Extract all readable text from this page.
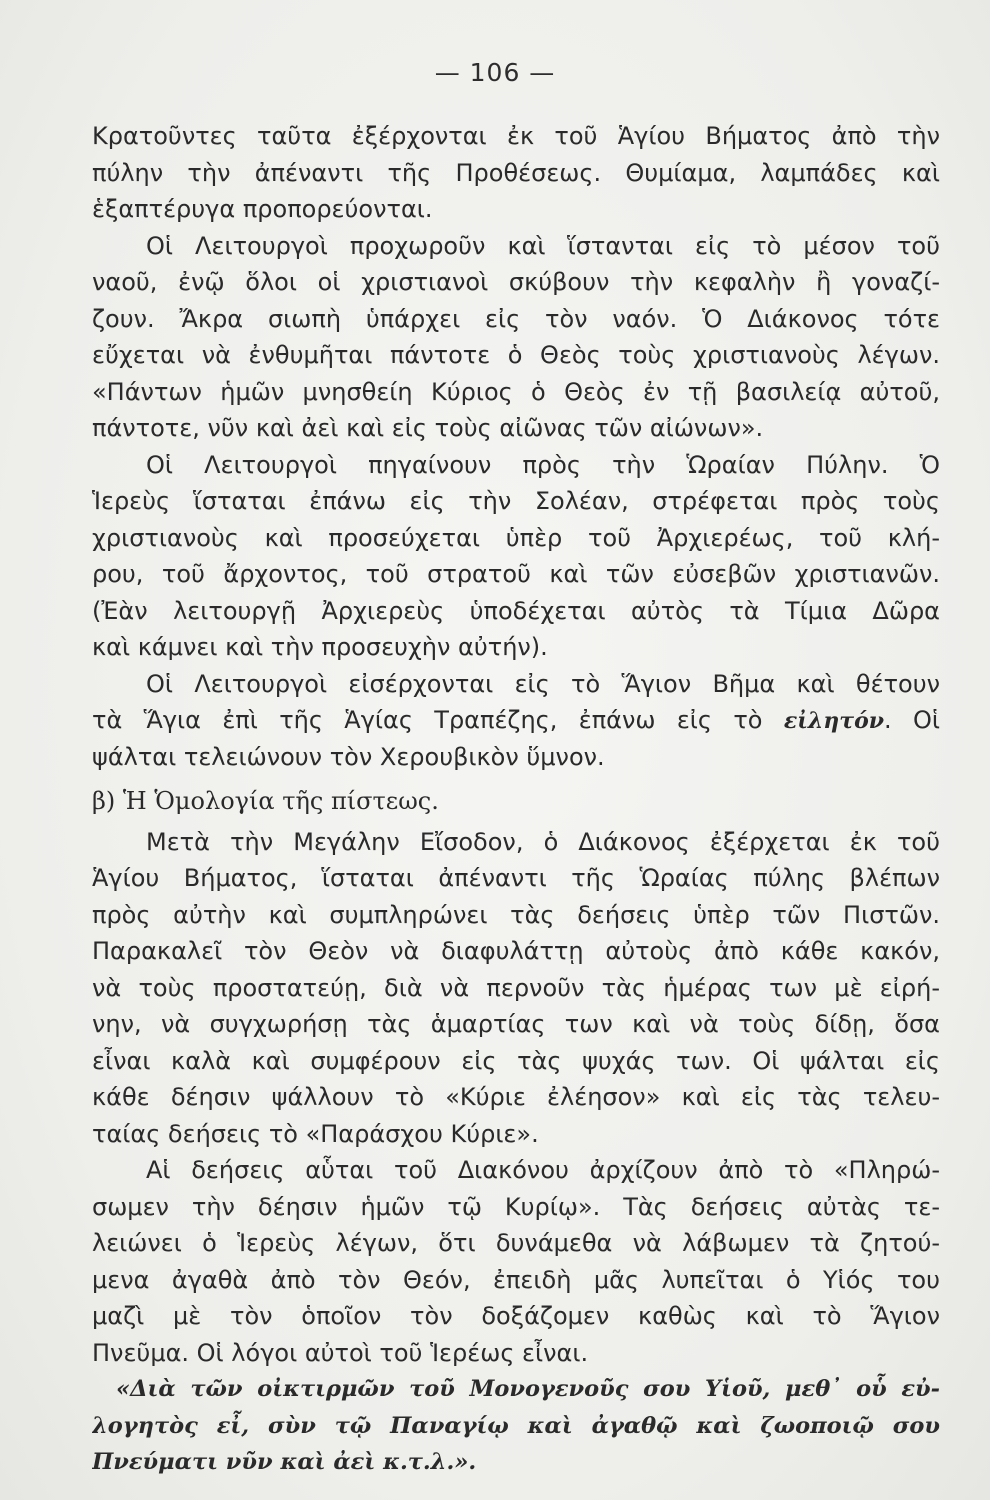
— 106 —
Κρατοῦντες ταῦτα ἐξέρχονται ἐκ τοῦ Ἁγίου Βήματος ἀπὸ τὴν
πύλην τὴν ἀπέναντι τῆς Προθέσεως. Θυμίαμα, λαμπάδες καὶ
ἑξαπτέρυγα προπορεύονται.
Οἱ Λειτουργοὶ προχωροῦν καὶ ἵστανται εἰς τὸ μέσον τοῦ
ναοῦ, ἐνῷ ὅλοι οἱ χριστιανοὶ σκύβουν τὴν κεφαλὴν ἢ γοναζί-
ζουν. Ἄκρα σιωπὴ ὑπάρχει εἰς τὸν ναόν. Ὁ Διάκονος τότε
εὔχεται νὰ ἐνθυμῆται πάντοτε ὁ Θεὸς τοὺς χριστιανοὺς λέγων.
«Πάντων ἡμῶν μνησθείη Κύριος ὁ Θεὸς ἐν τῇ βασιλείᾳ αὐτοῦ,
πάντοτε, νῦν καὶ ἀεὶ καὶ εἰς τοὺς αἰῶνας τῶν αἰώνων».
Οἱ Λειτουργοὶ πηγαίνουν πρὸς τὴν Ὡραίαν Πύλην. Ὁ
Ἱερεὺς ἵσταται ἐπάνω εἰς τὴν Σολέαν, στρέφεται πρὸς τοὺς
χριστιανοὺς καὶ προσεύχεται ὑπὲρ τοῦ Ἀρχιερέως, τοῦ κλή-
ρου, τοῦ ἄρχοντος, τοῦ στρατοῦ καὶ τῶν εὐσεβῶν χριστιανῶν.
(Ἐὰν λειτουργῇ Ἀρχιερεὺς ὑποδέχεται αὐτὸς τὰ Τίμια Δῶρα
καὶ κάμνει καὶ τὴν προσευχὴν αὐτήν).
Οἱ Λειτουργοὶ εἰσέρχονται εἰς τὸ Ἅγιον Βῆμα καὶ θέτουν
τὰ Ἅγια ἐπὶ τῆς Ἁγίας Τραπέζης, ἐπάνω εἰς τὸ εἰλητόν. Οἱ
ψάλται τελειώνουν τὸν Χερουβικὸν ὕμνον.
β) Ἡ Ὁμολογία τῆς πίστεως.
Μετὰ τὴν Μεγάλην Εἴσοδον, ὁ Διάκονος ἐξέρχεται ἐκ τοῦ
Ἁγίου Βήματος, ἵσταται ἀπέναντι τῆς Ὡραίας πύλης βλέπων
πρὸς αὐτὴν καὶ συμπληρώνει τὰς δεήσεις ὑπὲρ τῶν Πιστῶν.
Παρακαλεῖ τὸν Θεὸν νὰ διαφυλάττῃ αὐτοὺς ἀπὸ κάθε κακόν,
νὰ τοὺς προστατεύῃ, διὰ νὰ περνοῦν τὰς ἡμέρας των μὲ εἰρή-
νην, νὰ συγχωρήσῃ τὰς ἁμαρτίας των καὶ νὰ τοὺς δίδῃ, ὅσα
εἶναι καλὰ καὶ συμφέρουν εἰς τὰς ψυχάς των. Οἱ ψάλται εἰς
κάθε δέησιν ψάλλουν τὸ «Κύριε ἐλέησον» καὶ εἰς τὰς τελευ-
ταίας δεήσεις τὸ «Παράσχου Κύριε».
Αἱ δεήσεις αὗται τοῦ Διακόνου ἀρχίζουν ἀπὸ τὸ «Πληρώ-
σωμεν τὴν δέησιν ἡμῶν τῷ Κυρίῳ». Τὰς δεήσεις αὐτὰς τε-
λειώνει ὁ Ἱερεὺς λέγων, ὅτι δυνάμεθα νὰ λάβωμεν τὰ ζητού-
μενα ἀγαθὰ ἀπὸ τὸν Θεόν, ἐπειδὴ μᾶς λυπεῖται ὁ Υἱός του
μαζὶ μὲ τὸν ὁποῖον τὸν δοξάζομεν καθὼς καὶ τὸ Ἅγιον
Πνεῦμα. Οἱ λόγοι αὐτοὶ τοῦ Ἱερέως εἶναι.
«Διὰ τῶν οἰκτιρμῶν τοῦ Μονογενοῦς σου Υἱοῦ, μεθ᾽ οὗ εὐ-
λογητὸς εἶ, σὺν τῷ Παναγίῳ καὶ ἀγαθῷ καὶ ζωοποιῷ σου
Πνεύματι νῦν καὶ ἀεὶ κ.τ.λ.».
